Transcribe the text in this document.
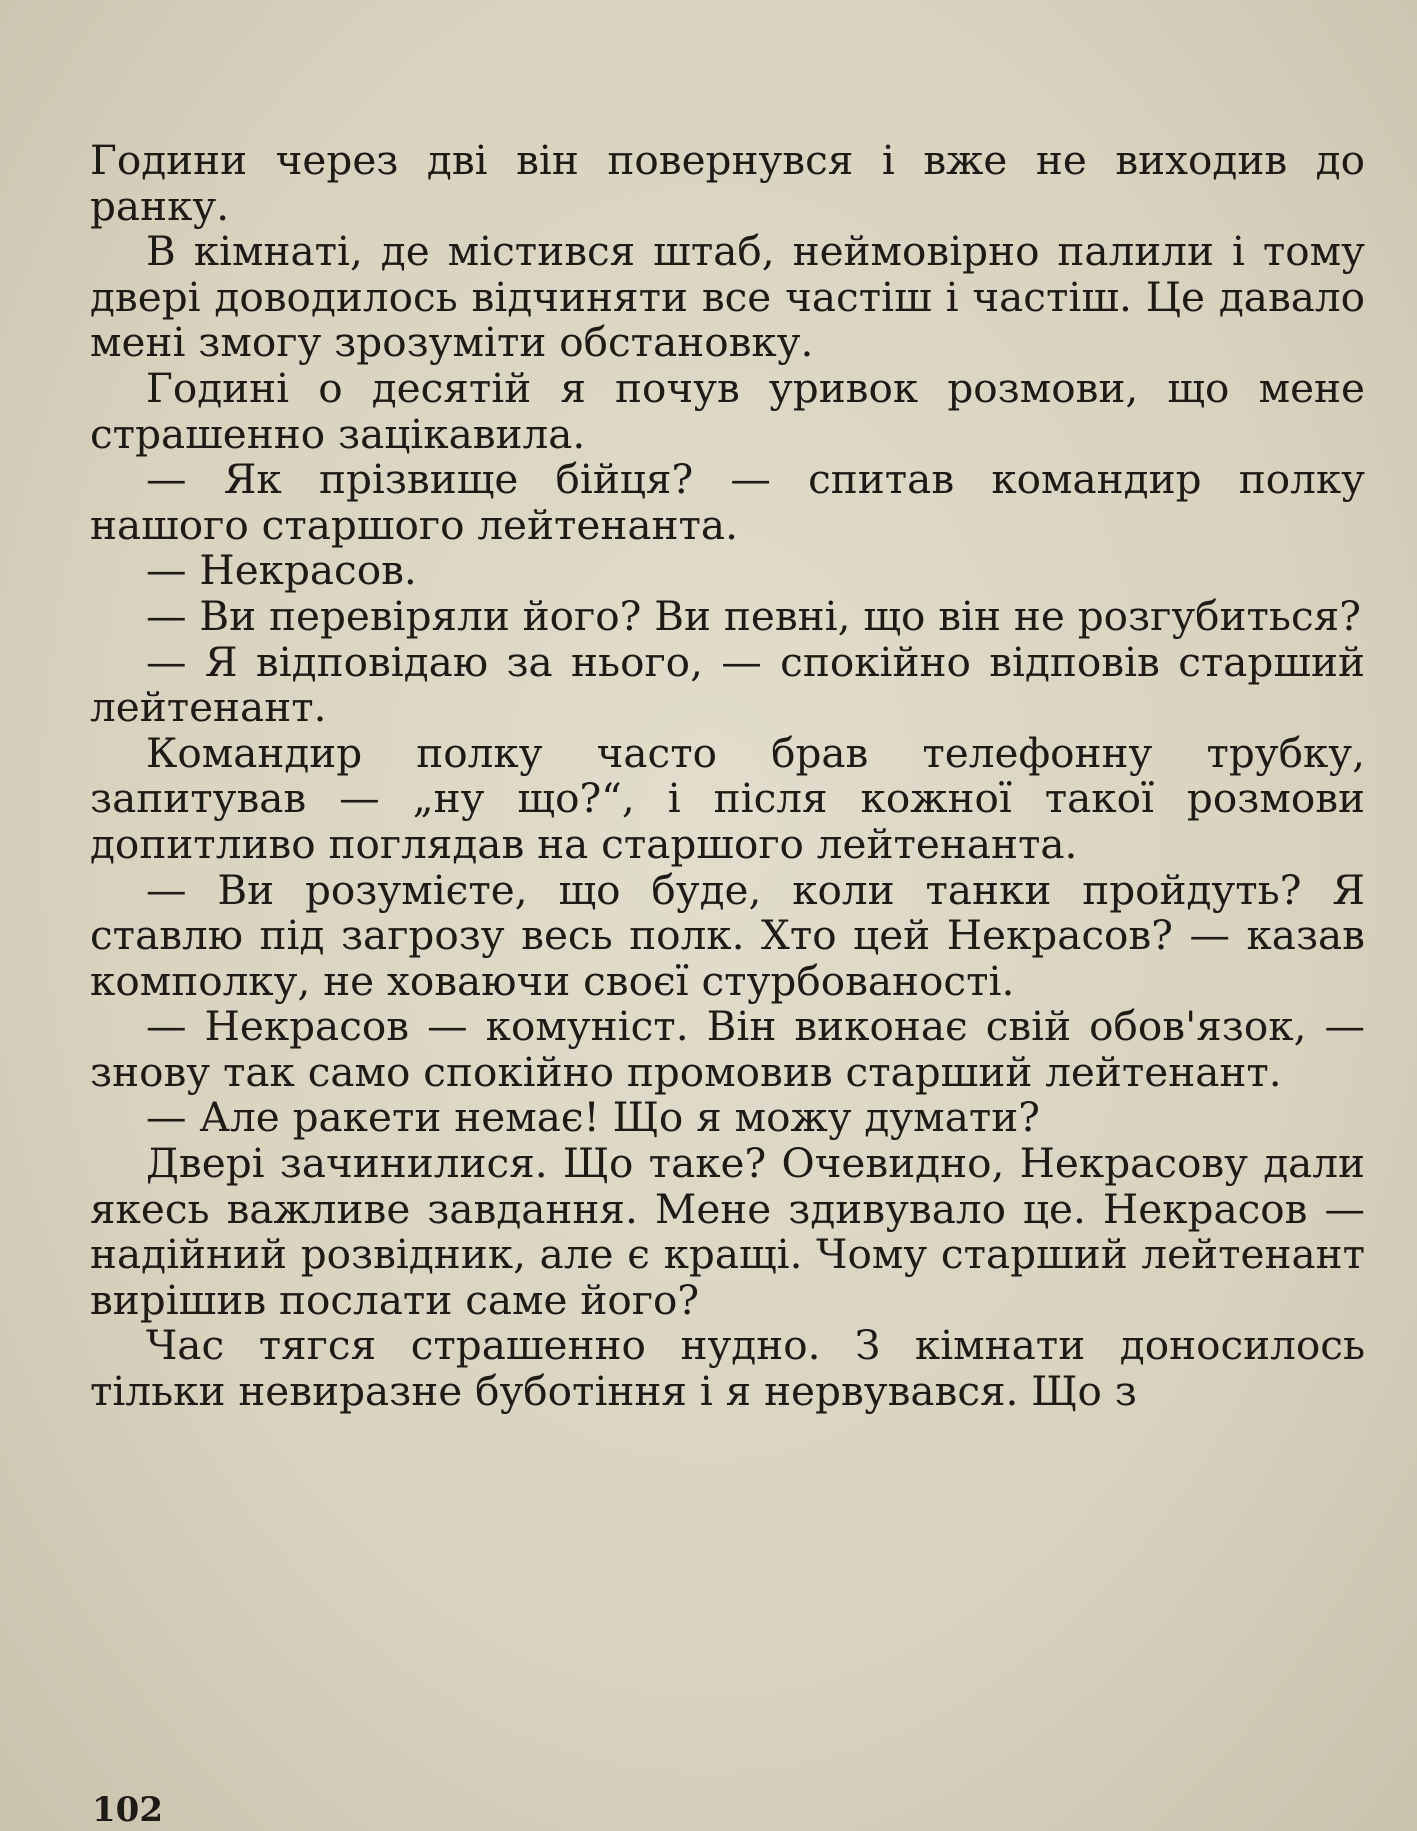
Години через дві він повернувся і вже не виходив до ранку.

В кімнаті, де містився штаб, неймовірно палили і тому двері доводилось відчиняти все частіш і частіш. Це давало мені змогу зрозуміти обстановку.

Годині о десятій я почув уривок розмови, що мене страшенно зацікавила.

— Як прізвище бійця? — спитав командир полку нашого старшого лейтенанта.

— Некрасов.

— Ви перевіряли його? Ви певні, що він не розгубиться?

— Я відповідаю за нього, — спокійно відповів старший лейтенант.

Командир полку часто брав телефонну трубку, запитував — „ну що?“, і після кожної такої розмови допитливо поглядав на старшого лейтенанта.

— Ви розумієте, що буде, коли танки пройдуть? Я ставлю під загрозу весь полк. Хто цей Некрасов? — казав комполку, не ховаючи своєї стурбованості.

— Некрасов — комуніст. Він виконає свій обов'язок, — знову так само спокійно промовив старший лейтенант.

— Але ракети немає! Що я можу думати?

Двері зачинилися. Що таке? Очевидно, Некрасову дали якесь важливе завдання. Мене здивувало це. Некрасов — надійний розвідник, але є кращі. Чому старший лейтенант вирішив послати саме його?

Час тягся страшенно нудно. З кімнати доносилось тільки невиразне буботіння і я нервувався. Що з

102
